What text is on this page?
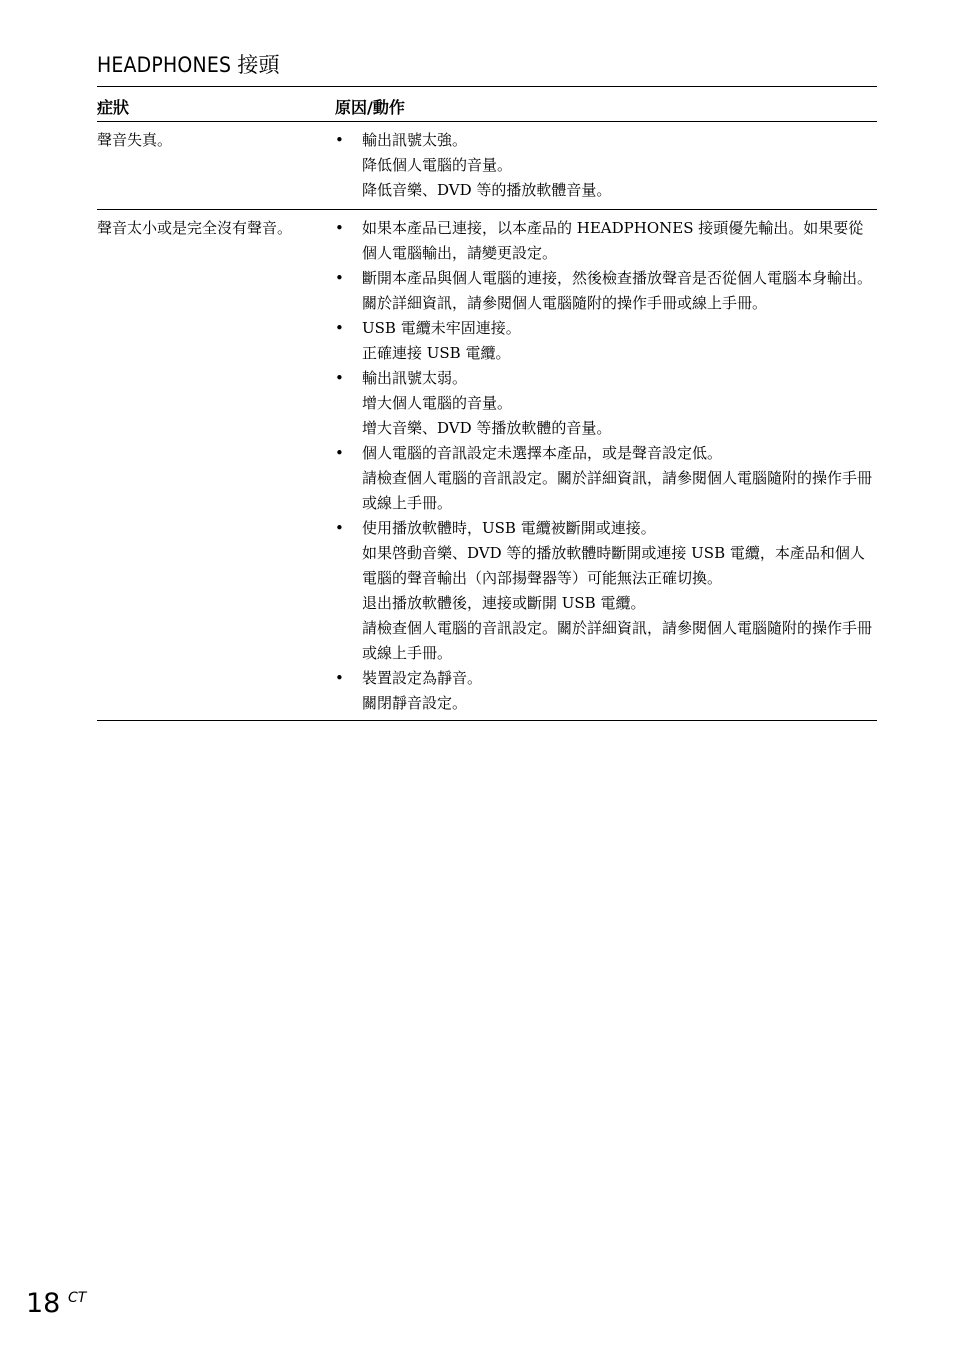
HEADPHONES 接頭
症狀	原因/動作
聲音失真。	• 輸出訊號太強。
降低個人電腦的音量。
降低音樂、DVD 等的播放軟體音量。
聲音太小或是完全沒有聲音。	• 如果本產品已連接，以本產品的 HEADPHONES 接頭優先輸出。如果要從個人電腦輸出，請變更設定。
• 斷開本產品與個人電腦的連接，然後檢查播放聲音是否從個人電腦本身輸出。關於詳細資訊，請參閱個人電腦隨附的操作手冊或線上手冊。
• USB 電纜未牢固連接。
正確連接 USB 電纜。
• 輸出訊號太弱。
增大個人電腦的音量。
增大音樂、DVD 等播放軟體的音量。
• 個人電腦的音訊設定未選擇本產品，或是聲音設定低。
請檢查個人電腦的音訊設定。關於詳細資訊，請參閱個人電腦隨附的操作手冊或線上手冊。
• 使用播放軟體時，USB 電纜被斷開或連接。
如果啓動音樂、DVD 等的播放軟體時斷開或連接 USB 電纜，本產品和個人電腦的聲音輸出（內部揚聲器等）可能無法正確切換。
退出播放軟體後，連接或斷開 USB 電纜。
請檢查個人電腦的音訊設定。關於詳細資訊，請參閱個人電腦隨附的操作手冊或線上手冊。
• 裝置設定為靜音。
關閉靜音設定。
18 CT
